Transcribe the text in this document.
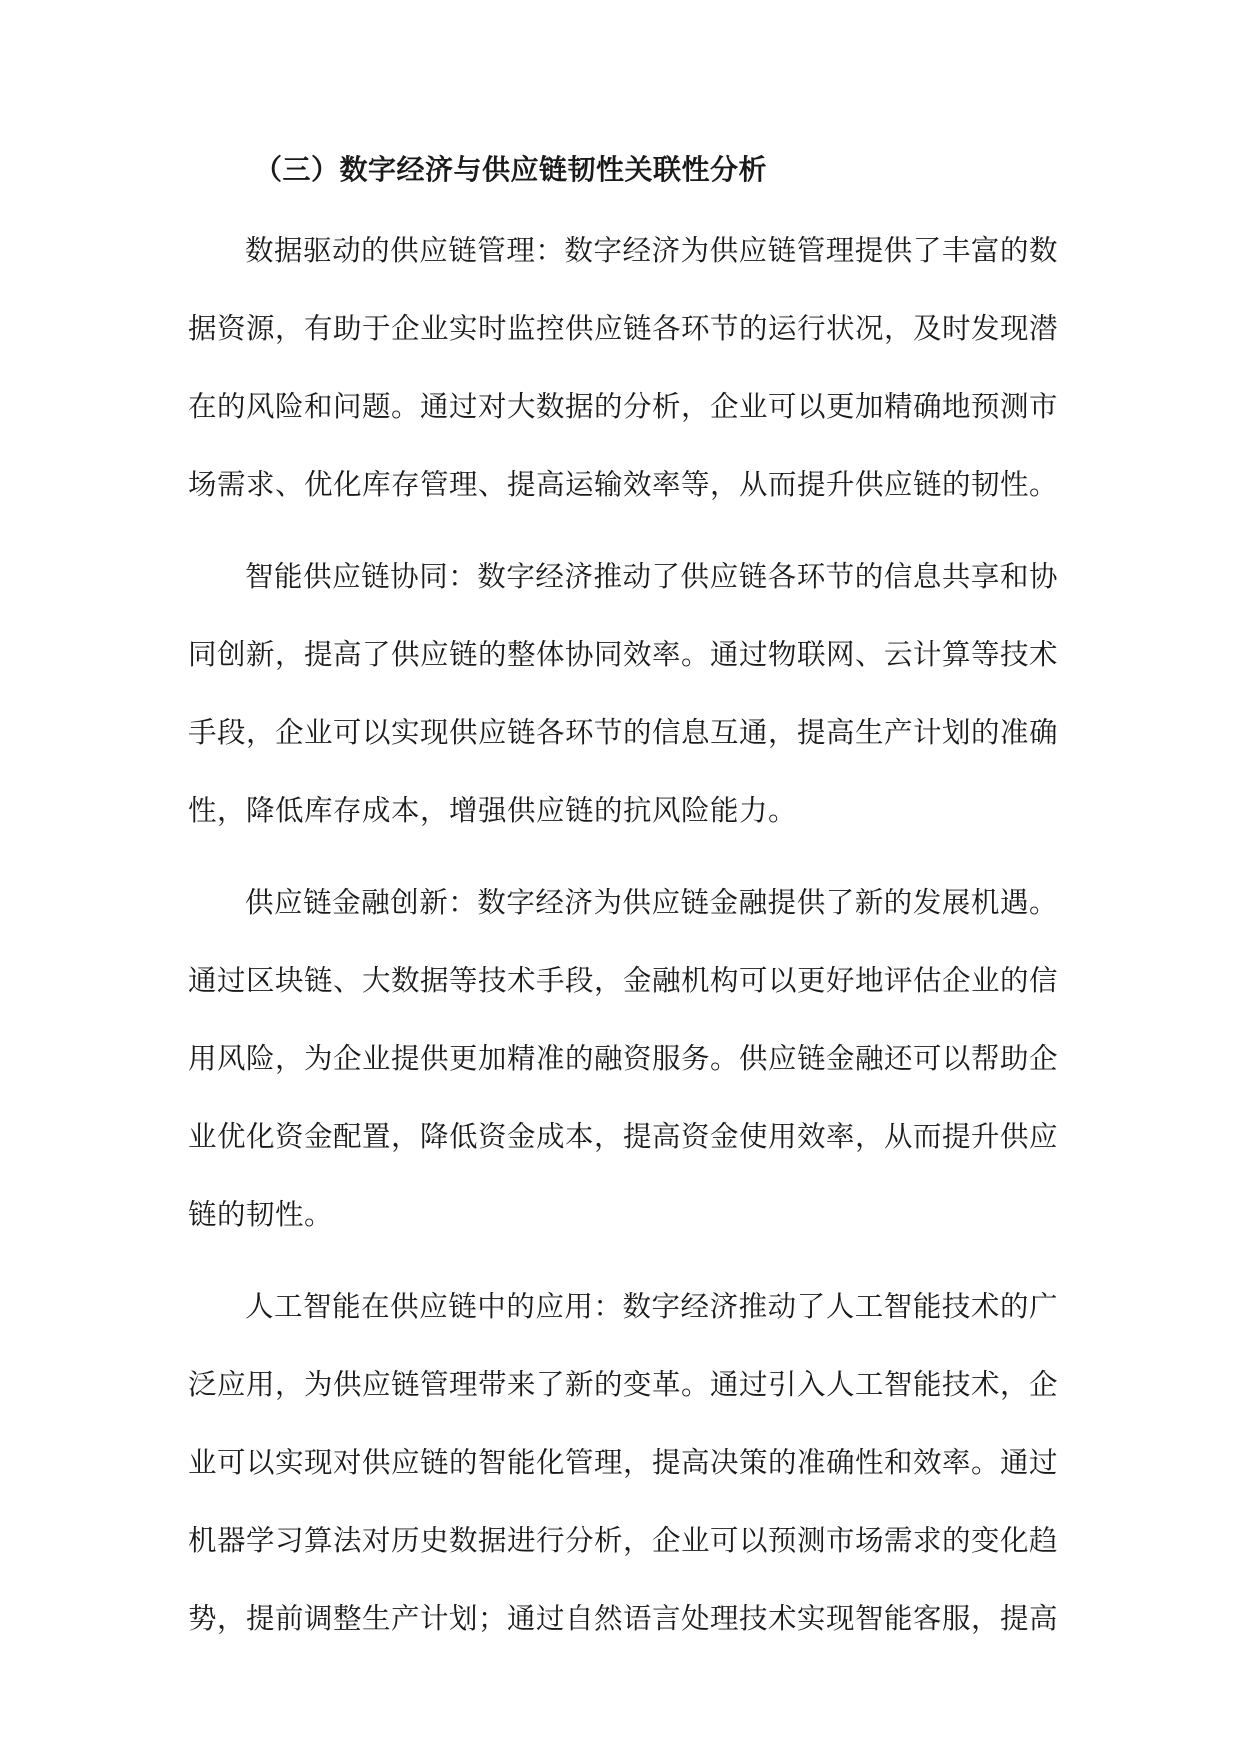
（三）数字经济与供应链韧性关联性分析

数据驱动的供应链管理：数字经济为供应链管理提供了丰富的数据资源，有助于企业实时监控供应链各环节的运行状况，及时发现潜在的风险和问题。通过对大数据的分析，企业可以更加精确地预测市场需求、优化库存管理、提高运输效率等，从而提升供应链的韧性。

智能供应链协同：数字经济推动了供应链各环节的信息共享和协同创新，提高了供应链的整体协同效率。通过物联网、云计算等技术手段，企业可以实现供应链各环节的信息互通，提高生产计划的准确性，降低库存成本，增强供应链的抗风险能力。

供应链金融创新：数字经济为供应链金融提供了新的发展机遇。通过区块链、大数据等技术手段，金融机构可以更好地评估企业的信用风险，为企业提供更加精准的融资服务。供应链金融还可以帮助企业优化资金配置，降低资金成本，提高资金使用效率，从而提升供应链的韧性。

人工智能在供应链中的应用：数字经济推动了人工智能技术的广泛应用，为供应链管理带来了新的变革。通过引入人工智能技术，企业可以实现对供应链的智能化管理，提高决策的准确性和效率。通过机器学习算法对历史数据进行分析，企业可以预测市场需求的变化趋势，提前调整生产计划；通过自然语言处理技术实现智能客服，提高
